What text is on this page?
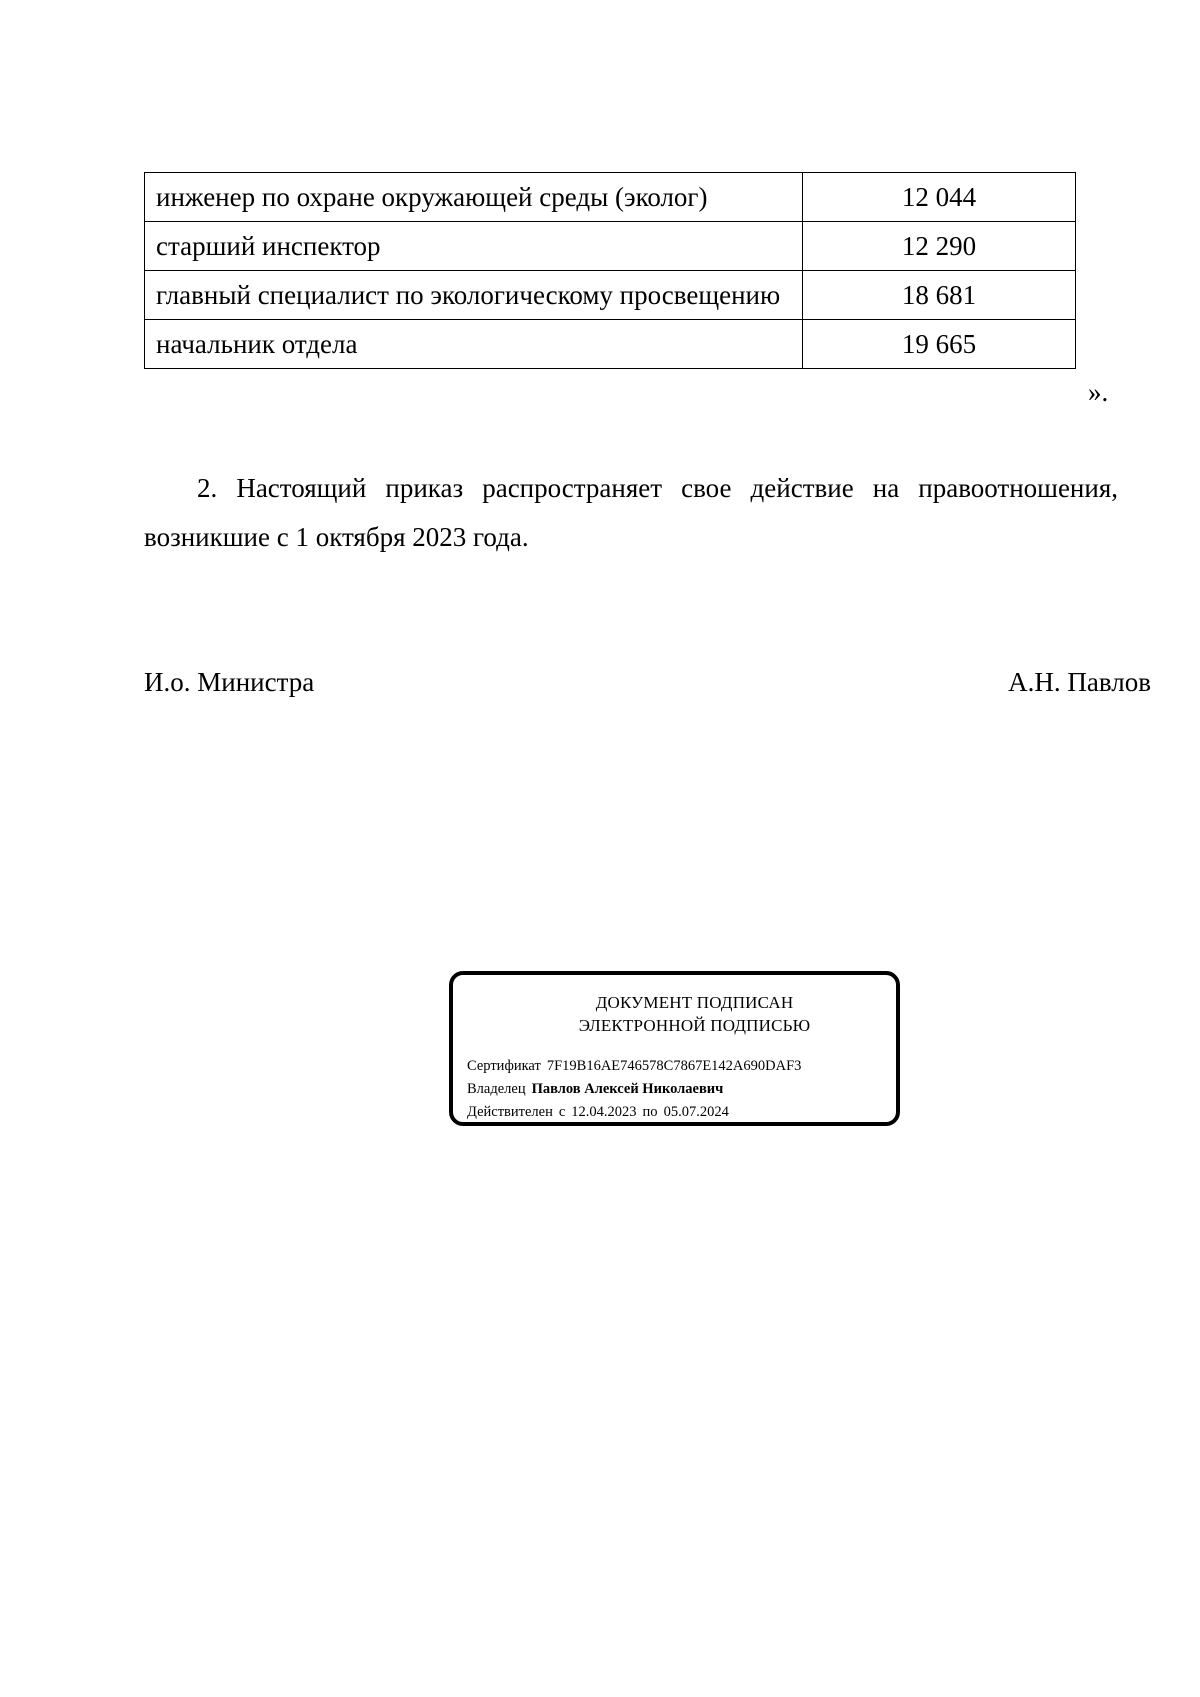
инженер по охране окружающей среды (эколог)	12 044
старший инспектор	12 290
главный специалист по экологическому просвещению	18 681
начальник отдела	19 665
».

2. Настоящий приказ распространяет свое действие на правоотношения, возникшие с 1 октября 2023 года.

И.о. Министра	А.Н. Павлов
ДОКУМЕНТ ПОДПИСАН
ЭЛЕКТРОННОЙ ПОДПИСЬЮ
Сертификат 7F19B16AE746578C7867E142A690DAF3
Владелец Павлов Алексей Николаевич
Действителен с 12.04.2023 по 05.07.2024
